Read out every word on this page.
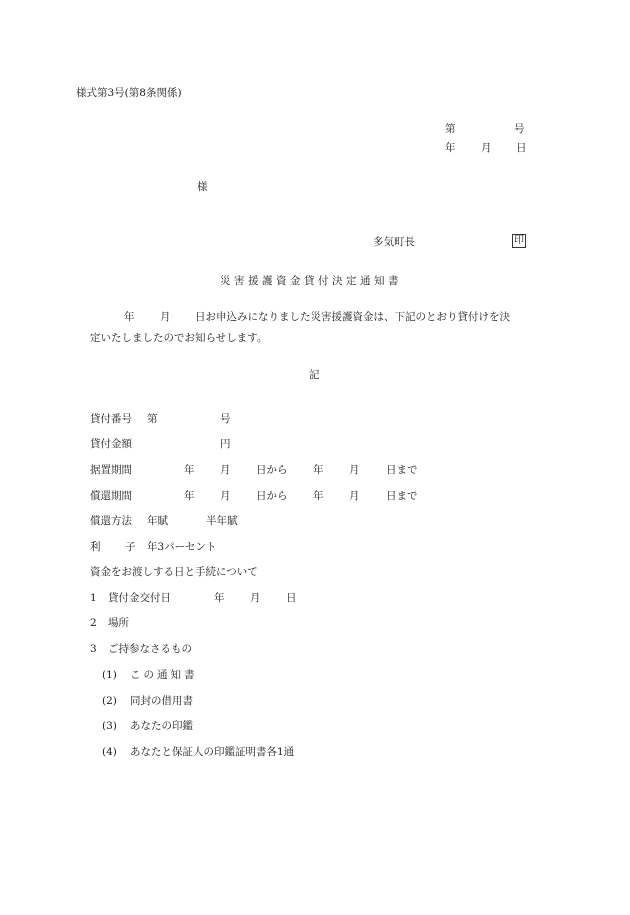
様式第3号(第8条関係)
第	号
年 月 日
様
多気町長	印
災害援護資金貸付決定通知書
年 月 日お申込みになりました災害援護資金は、下記のとおり貸付けを決
定いたしましたのでお知らせします。
記
貸付番号 第	号
貸付金額	円
据置期間	年 月 日から 年 月	日まで
償還期間	年 月 日から 年 月	日まで
償還方法 年賦	半年賦
利 子 年3パーセント
資金をお渡しする日と手続について
1 貸付金交付日	年 月 日
2 場所
3 ご持参なさるもの
(1) この通知書
(2) 同封の借用書
(3) あなたの印鑑
(4) あなたと保証人の印鑑証明書各1通
